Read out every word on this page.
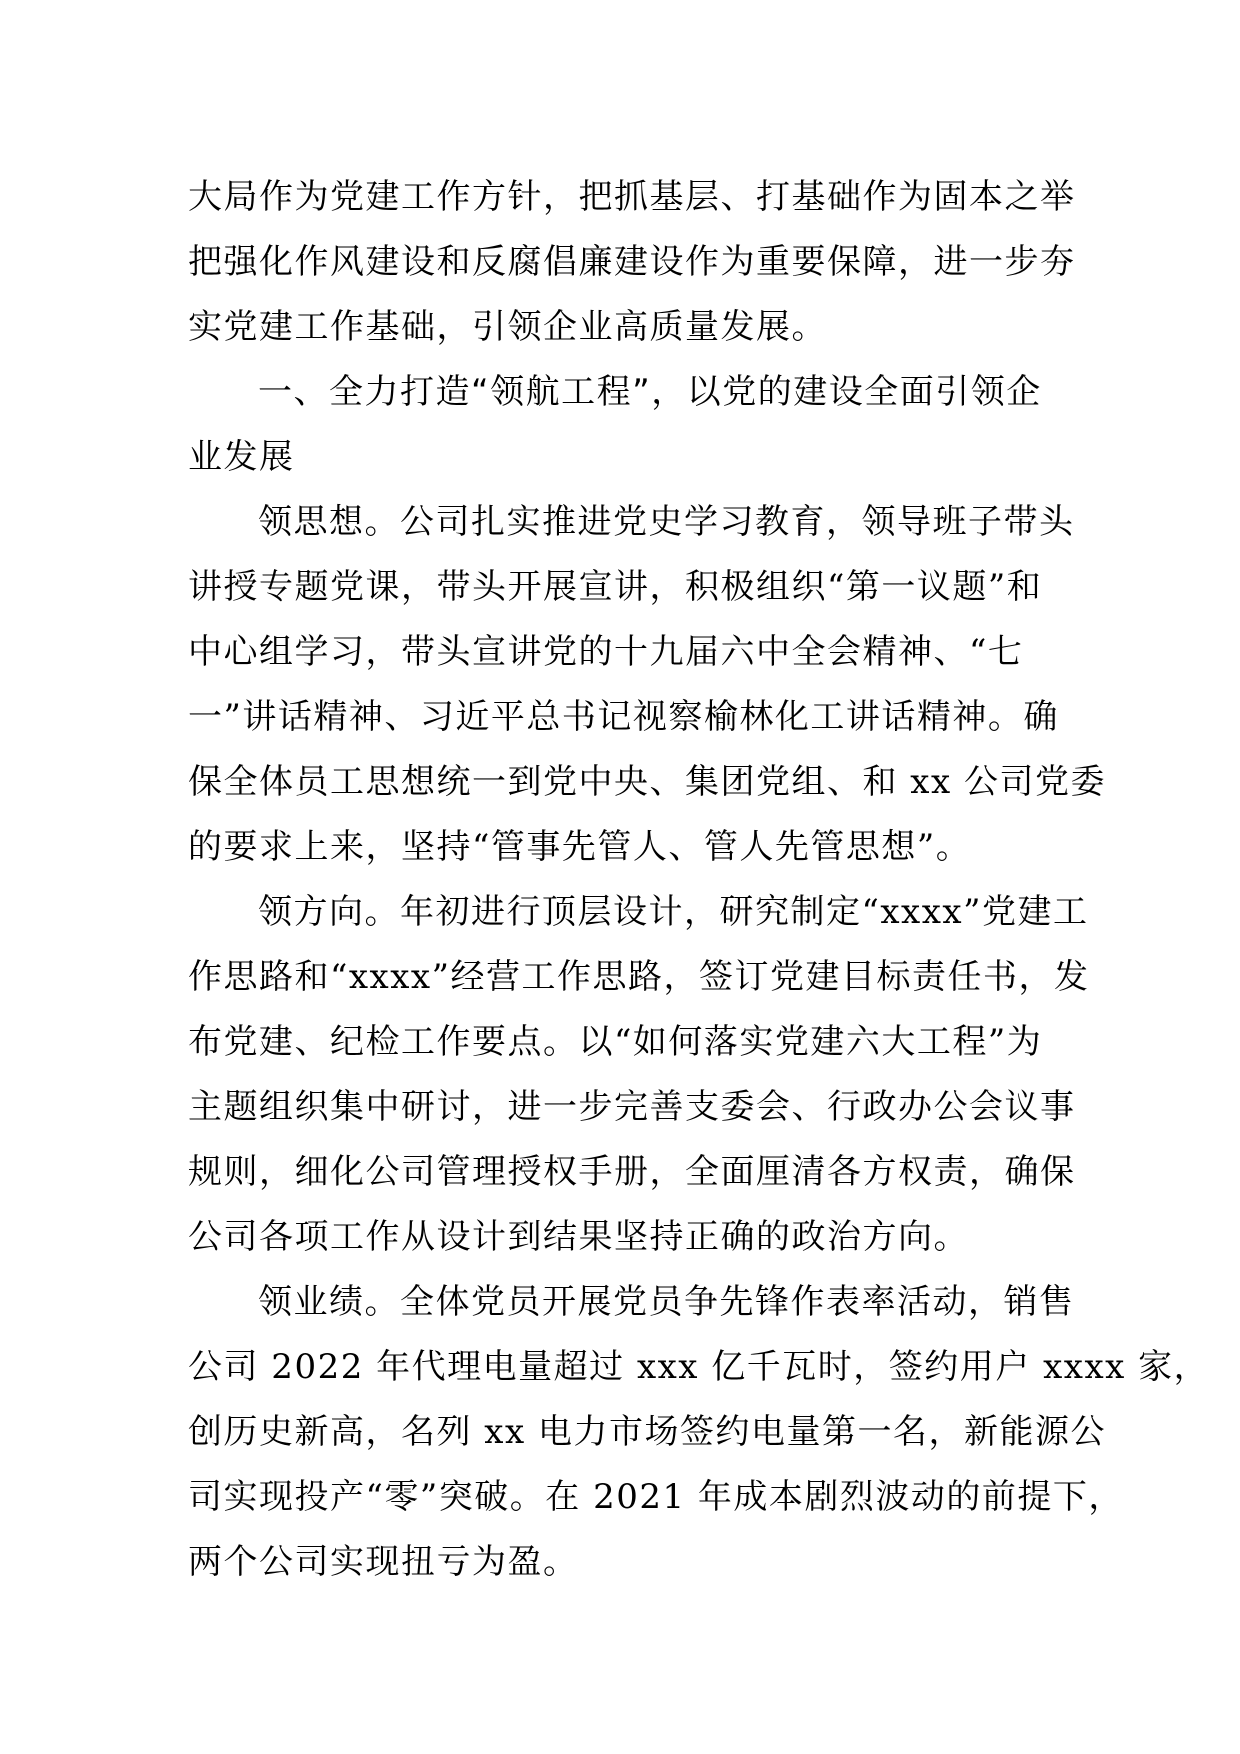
大局作为党建工作方针，把抓基层、打基础作为固本之举
把强化作风建设和反腐倡廉建设作为重要保障，进一步夯
实党建工作基础，引领企业高质量发展。
一、全力打造“领航工程”，以党的建设全面引领企
业发展
领思想。公司扎实推进党史学习教育，领导班子带头
讲授专题党课，带头开展宣讲，积极组织“第一议题”和
中心组学习，带头宣讲党的十九届六中全会精神、“七
一”讲话精神、习近平总书记视察榆林化工讲话精神。确
保全体员工思想统一到党中央、集团党组、和 xx 公司党委
的要求上来，坚持“管事先管人、管人先管思想”。
领方向。年初进行顶层设计，研究制定“xxxx”党建工
作思路和“xxxx”经营工作思路，签订党建目标责任书，发
布党建、纪检工作要点。以“如何落实党建六大工程”为
主题组织集中研讨，进一步完善支委会、行政办公会议事
规则，细化公司管理授权手册，全面厘清各方权责，确保
公司各项工作从设计到结果坚持正确的政治方向。
领业绩。全体党员开展党员争先锋作表率活动，销售
公司 2022 年代理电量超过 xxx 亿千瓦时，签约用户 xxxx 家，
创历史新高，名列 xx 电力市场签约电量第一名，新能源公
司实现投产“零”突破。在 2021 年成本剧烈波动的前提下，
两个公司实现扭亏为盈。
